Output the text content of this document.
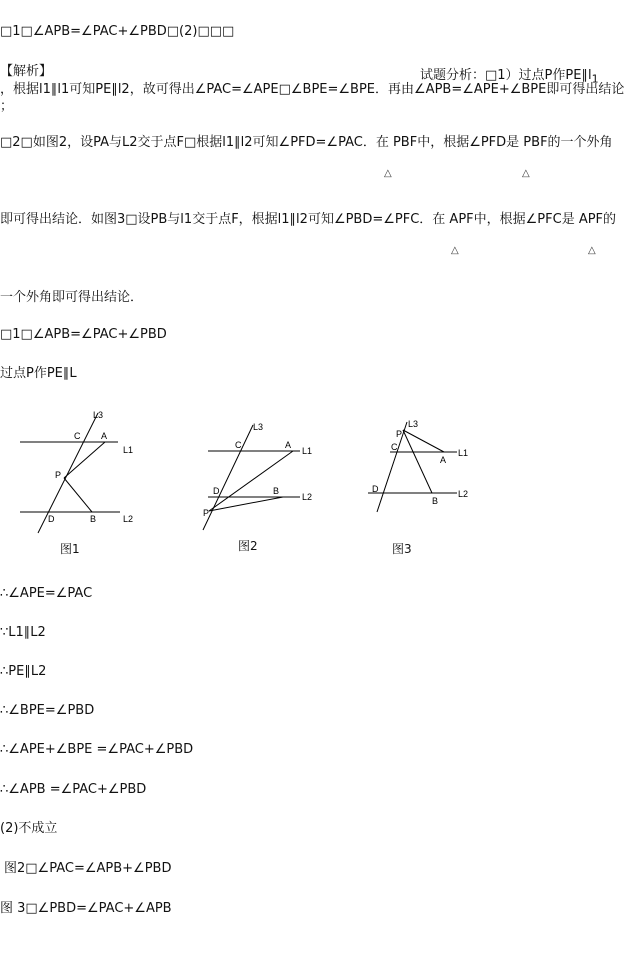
□1□∠APB=∠PAC+∠PBD□(2)□□□
【解析】	试题分析：□1）过点P作$PE\parallel l_1$
，根据l1∥l1可知PE∥l2，故可得出∠PAC=∠APE□∠BPE=∠BPE．再由∠APB=∠APE+∠BPE即可得出结论
；
□2□如图2，设PA与L2交于点F□根据l1∥l2可知∠PFD=∠PAC．在 PBF中，根据∠PFD是 PBF的一个外角
△	△
即可得出结论．如图3□设PB与l1交于点F，根据l1∥l2可知∠PBD=∠PFC．在 APF中，根据∠PFC是 APF的
△	△
一个外角即可得出结论．
□1□∠APB=∠PAC+∠PBD
过点P作PE∥L
L3
C A
L1
P
D	B	L2
图1
L3
C	A
L1
D	B
L2
P
图2
L3
P
C
A
L1
D
B
L2
图3
∴∠APE=∠PAC
∵L1∥L2
∴PE∥L2
∴∠BPE=∠PBD
∴∠APE+∠BPE =∠PAC+∠PBD
∴∠APB =∠PAC+∠PBD
(2)不成立
图2□∠PAC=∠APB+∠PBD
图 3□∠PBD=∠PAC+∠APB
